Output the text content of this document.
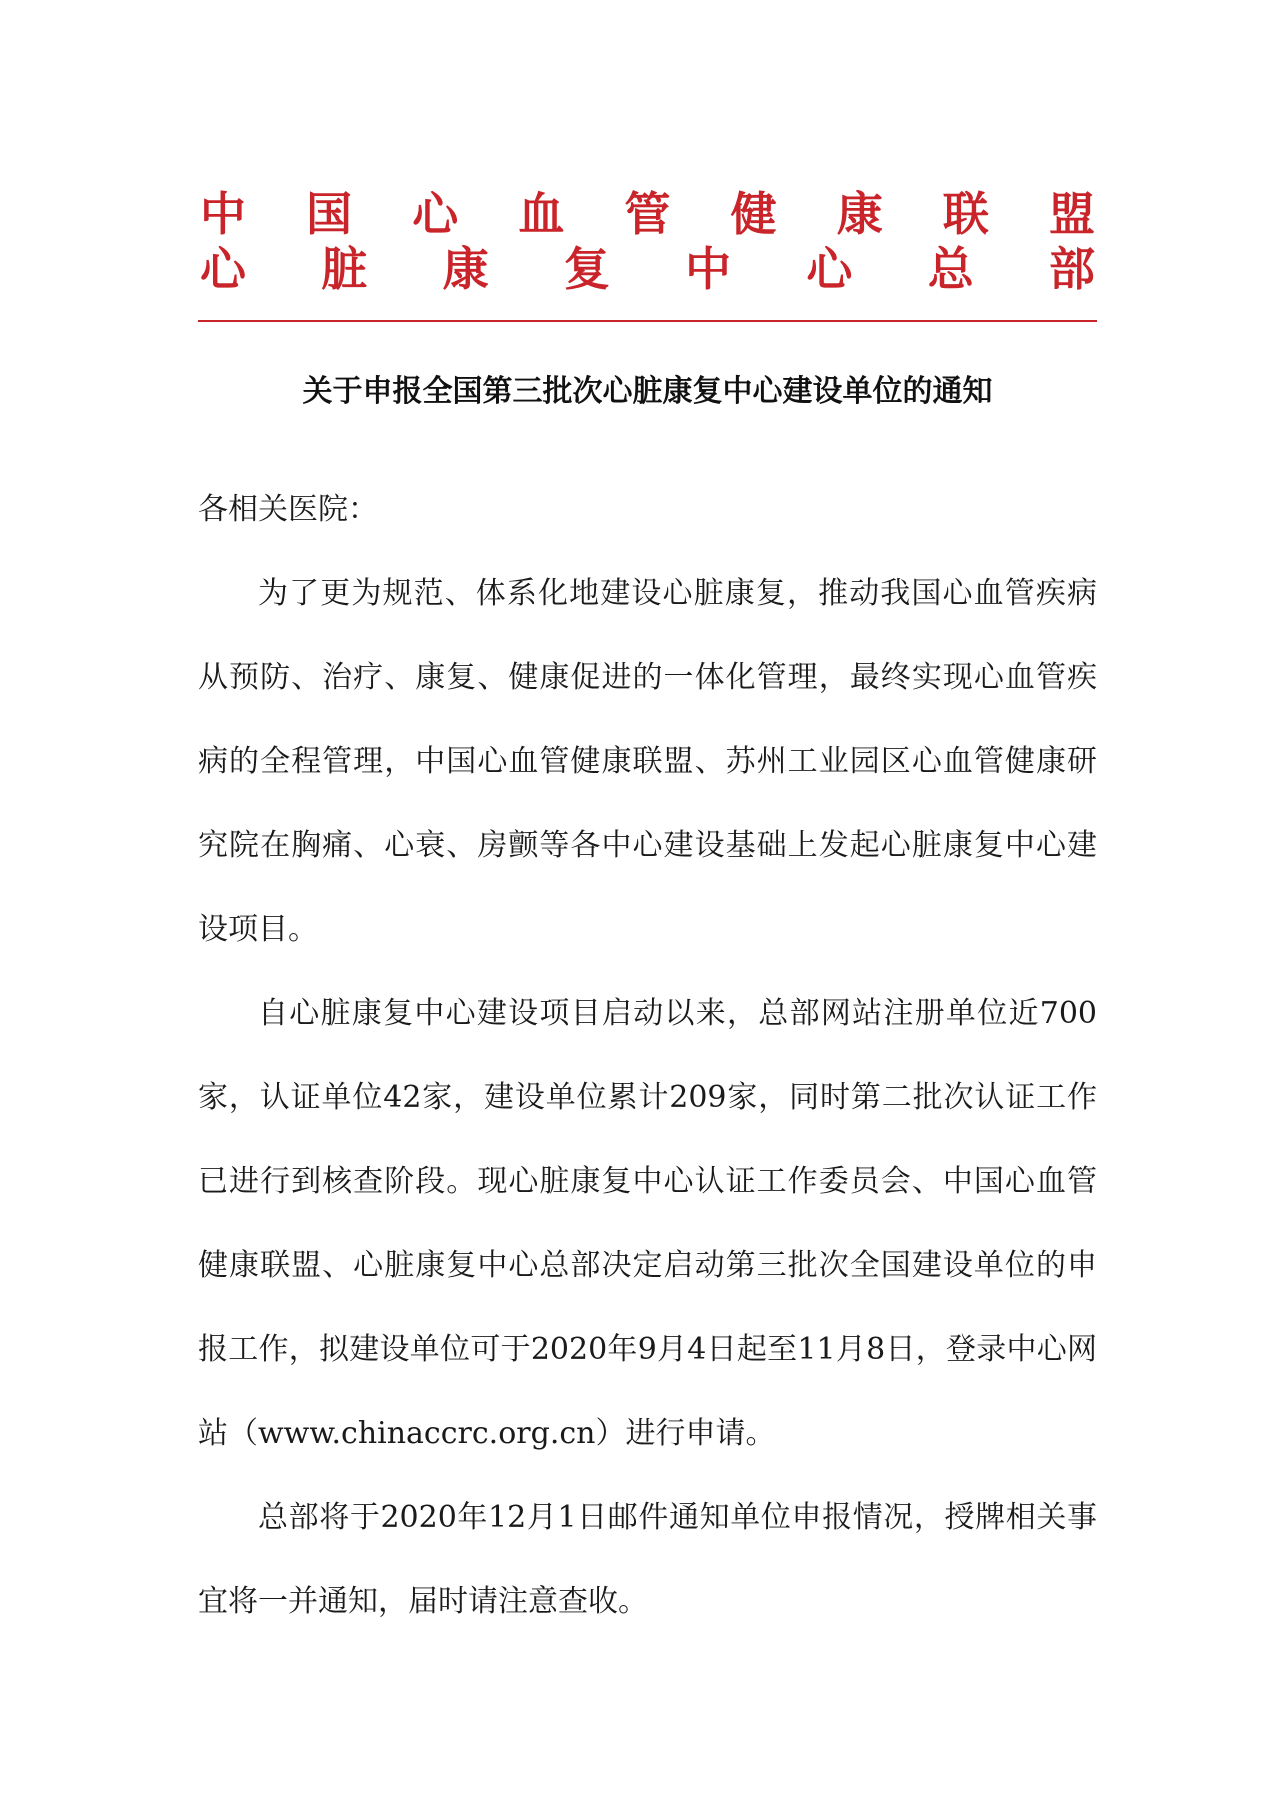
中 国 心 血 管 健 康 联 盟
心 脏 康 复 中 心 总 部
关于申报全国第三批次心脏康复中心建设单位的通知

各相关医院：

为了更为规范、体系化地建设心脏康复，推动我国心血管疾病从预防、治疗、康复、健康促进的一体化管理，最终实现心血管疾病的全程管理，中国心血管健康联盟、苏州工业园区心血管健康研究院在胸痛、心衰、房颤等各中心建设基础上发起心脏康复中心建设项目。

自心脏康复中心建设项目启动以来，总部网站注册单位近700家，认证单位42家，建设单位累计209家，同时第二批次认证工作已进行到核查阶段。现心脏康复中心认证工作委员会、中国心血管健康联盟、心脏康复中心总部决定启动第三批次全国建设单位的申报工作，拟建设单位可于2020年9月4日起至11月8日，登录中心网站（www.chinaccrc.org.cn）进行申请。

总部将于2020年12月1日邮件通知单位申报情况，授牌相关事宜将一并通知，届时请注意查收。
